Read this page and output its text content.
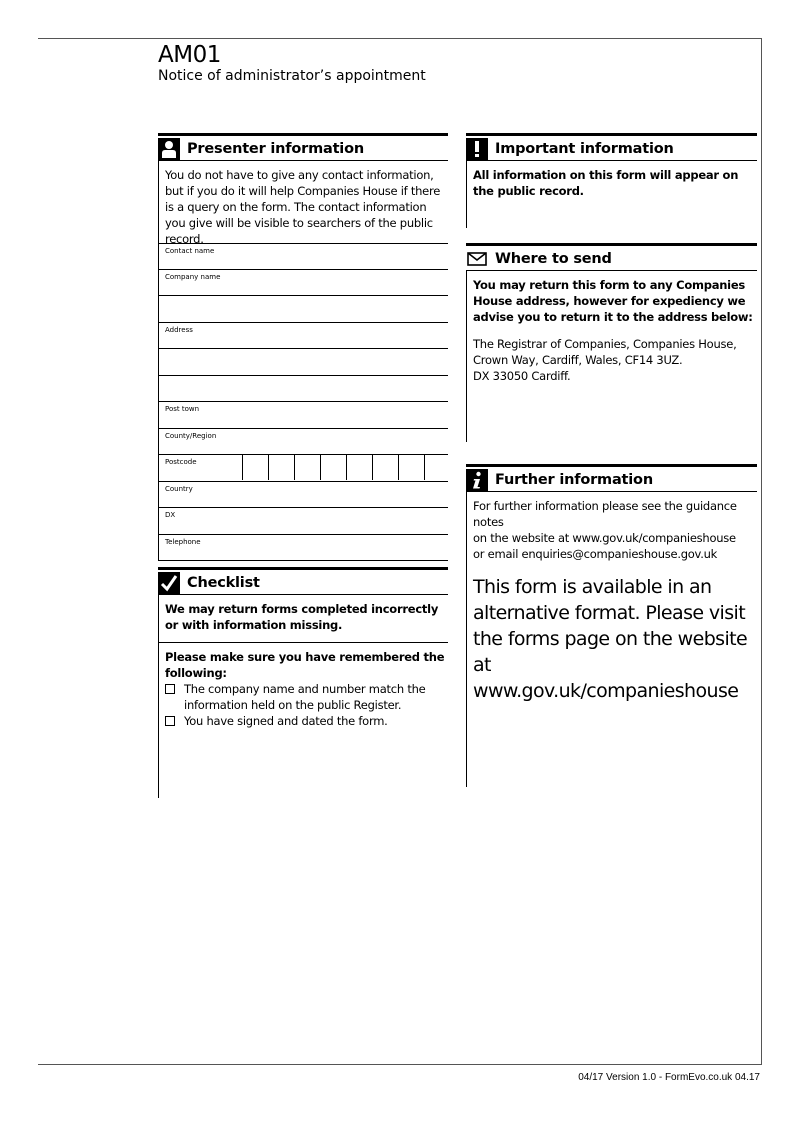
AM01
Notice of administrator’s appointment
Presenter information
You do not have to give any contact information, but if you do it will help Companies House if there is a query on the form. The contact information you give will be visible to searchers of the public record.
Contact name
Company name
Address
Post town
County/Region
Postcode
Country
DX
Telephone
Checklist
We may return forms completed incorrectly or with information missing.
Please make sure you have remembered the following:
The company name and number match the information held on the public Register.
You have signed and dated the form.
Important information
All information on this form will appear on the public record.
Where to send
You may return this form to any Companies House address, however for expediency we advise you to return it to the address below:
The Registrar of Companies, Companies House,
Crown Way, Cardiff, Wales, CF14 3UZ.
DX 33050 Cardiff.
Further information
For further information please see the guidance notes
on the website at www.gov.uk/companieshouse
or email enquiries@companieshouse.gov.uk
This form is available in an alternative format. Please visit the forms page on the website at www.gov.uk/companieshouse
04/17 Version 1.0 - FormEvo.co.uk 04.17
